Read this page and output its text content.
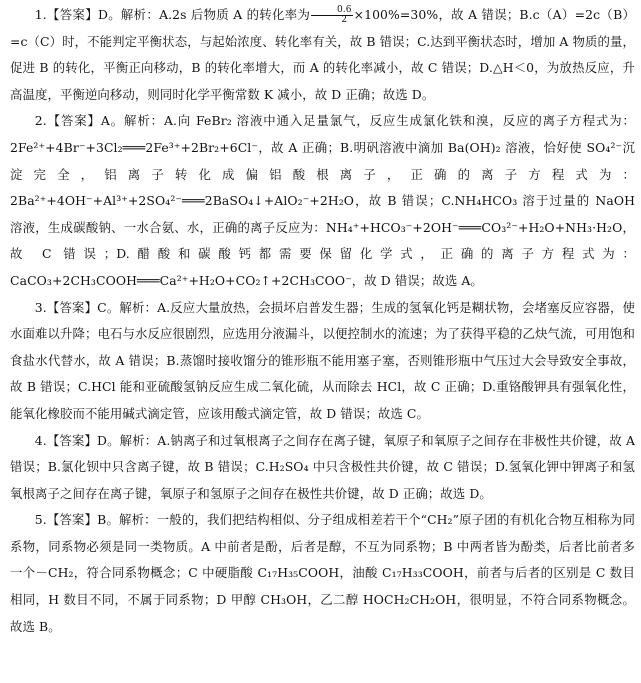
1.【答案】D。解析：A.2s 后物质 A 的转化率为 $\frac{0.6}{2} \times 100\%=30\%$，故 A 错误；B.c（A）=2c（B）=c（C）时，不能判定平衡状态，与起始浓度、转化率有关，故 B 错误；C.达到平衡状态时，增加 A 物质的量，促进 B 的转化，平衡正向移动，B 的转化率增大，而 A 的转化率减小，故 C 错误；D.△H＜0，为放热反应，升高温度，平衡逆向移动，则同时化学平衡常数 K 减小，故 D 正确；故选 D。

2.【答案】A。解析：A.向 FeBr₂ 溶液中通入足量氯气，反应生成氯化铁和溴，反应的离子方程式为：2Fe²⁺+4Br⁻+3Cl₂═══2Fe³⁺+2Br₂+6Cl⁻，故 A 正确；B.明矾溶液中滴加 Ba(OH)₂ 溶液，恰好使 SO₄²⁻沉淀完全，铝离子转化成偏铝酸根离子，正确的离子方程式为：2Ba²⁺+4OH⁻+Al³⁺+2SO₄²⁻═══2BaSO₄↓+AlO₂⁻+2H₂O，故 B 错误；C.NH₄HCO₃ 溶于过量的 NaOH 溶液，生成碳酸钠、一水合氨、水，正确的离子反应为：NH₄⁺+HCO₃⁻+2OH⁻═══CO₃²⁻+H₂O+NH₃·H₂O，故 C 错误；D.醋酸和碳酸钙都需要保留化学式，正确的离子方程式为：CaCO₃+2CH₃COOH═══Ca²⁺+H₂O+CO₂↑+2CH₃COO⁻，故 D 错误；故选 A。

3.【答案】C。解析：A.反应大量放热，会损坏启普发生器；生成的氢氧化钙是糊状物，会堵塞反应容器，使水面难以升降；电石与水反应很剧烈，应选用分液漏斗，以便控制水的流速；为了获得平稳的乙炔气流，可用饱和食盐水代替水，故 A 错误；B.蒸馏时接收馏分的锥形瓶不能用塞子塞，否则锥形瓶中气压过大会导致安全事故，故 B 错误；C.HCl 能和亚硫酸氢钠反应生成二氧化硫，从而除去 HCl，故 C 正确；D.重铬酸钾具有强氧化性，能氧化橡胶而不能用碱式滴定管，应该用酸式滴定管，故 D 错误；故选 C。

4.【答案】D。解析：A.钠离子和过氧根离子之间存在离子键，氧原子和氧原子之间存在非极性共价键，故 A 错误；B.氯化钡中只含离子键，故 B 错误；C.H₂SO₄ 中只含极性共价键，故 C 错误；D.氢氧化钾中钾离子和氢氧根离子之间存在离子键，氧原子和氢原子之间存在极性共价键，故 D 正确；故选 D。

5.【答案】B。解析：一般的，我们把结构相似、分子组成相差若干个“CH₂”原子团的有机化合物互相称为同系物，同系物必须是同一类物质。A 中前者是酚，后者是醇，不互为同系物；B 中两者皆为酚类，后者比前者多一个－CH₂，符合同系物概念；C 中硬脂酸 C₁₇H₃₅COOH，油酸 C₁₇H₃₃COOH，前者与后者的区别是 C 数目相同，H 数目不同，不属于同系物；D 甲醇 CH₃OH，乙二醇 HOCH₂CH₂OH，很明显，不符合同系物概念。故选 B。
